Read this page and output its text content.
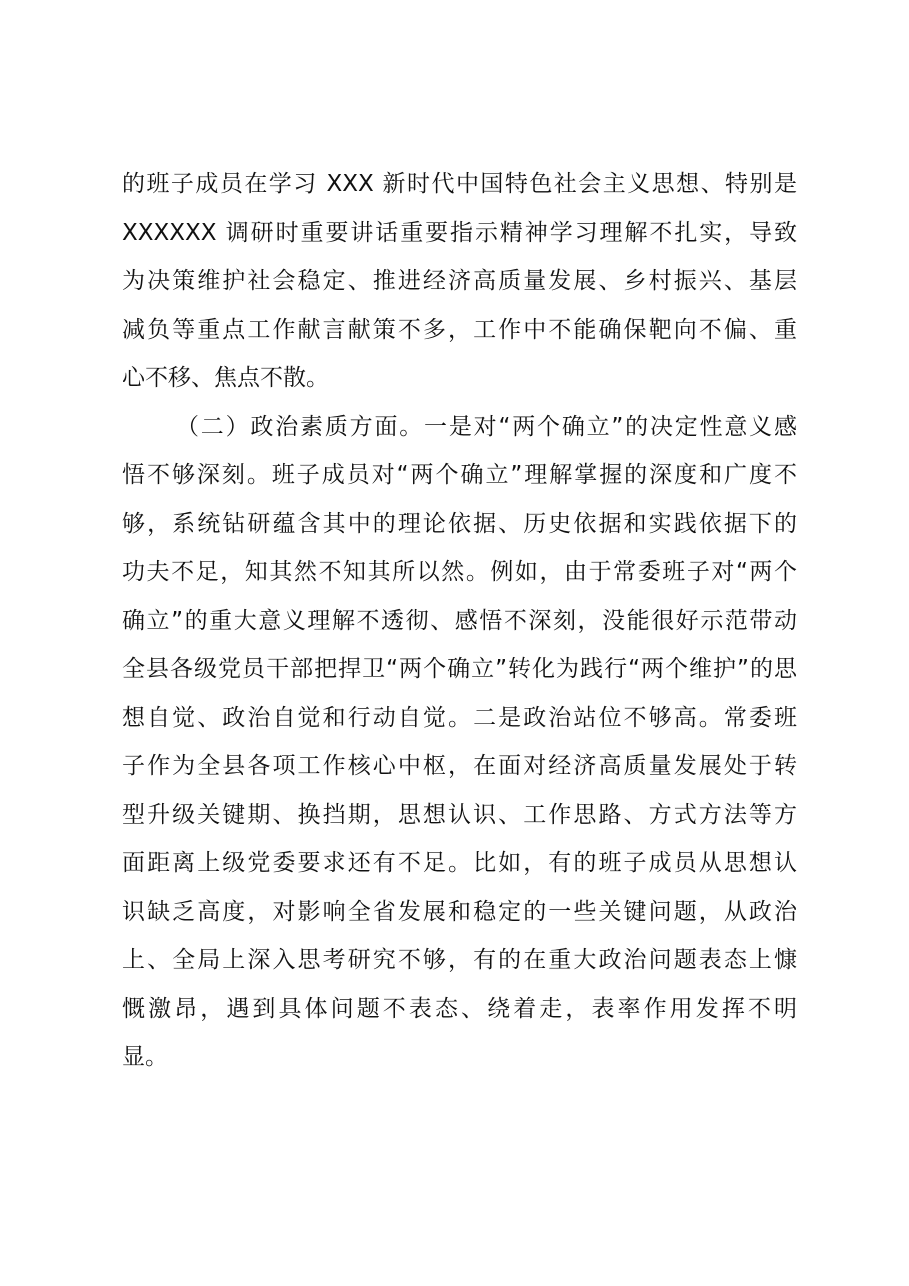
的班子成员在学习 XXX 新时代中国特色社会主义思想、特别是
XXXXXX 调研时重要讲话重要指示精神学习理解不扎实，导致
为决策维护社会稳定、推进经济高质量发展、乡村振兴、基层
减负等重点工作献言献策不多，工作中不能确保靶向不偏、重
心不移、焦点不散。
（二）政治素质方面。一是对“两个确立”的决定性意义感
悟不够深刻。班子成员对“两个确立”理解掌握的深度和广度不
够，系统钻研蕴含其中的理论依据、历史依据和实践依据下的
功夫不足，知其然不知其所以然。例如，由于常委班子对“两个
确立”的重大意义理解不透彻、感悟不深刻，没能很好示范带动
全县各级党员干部把捍卫“两个确立”转化为践行“两个维护”的思
想自觉、政治自觉和行动自觉。二是政治站位不够高。常委班
子作为全县各项工作核心中枢，在面对经济高质量发展处于转
型升级关键期、换挡期，思想认识、工作思路、方式方法等方
面距离上级党委要求还有不足。比如，有的班子成员从思想认
识缺乏高度，对影响全省发展和稳定的一些关键问题，从政治
上、全局上深入思考研究不够，有的在重大政治问题表态上慷
慨激昂，遇到具体问题不表态、绕着走，表率作用发挥不明
显。
